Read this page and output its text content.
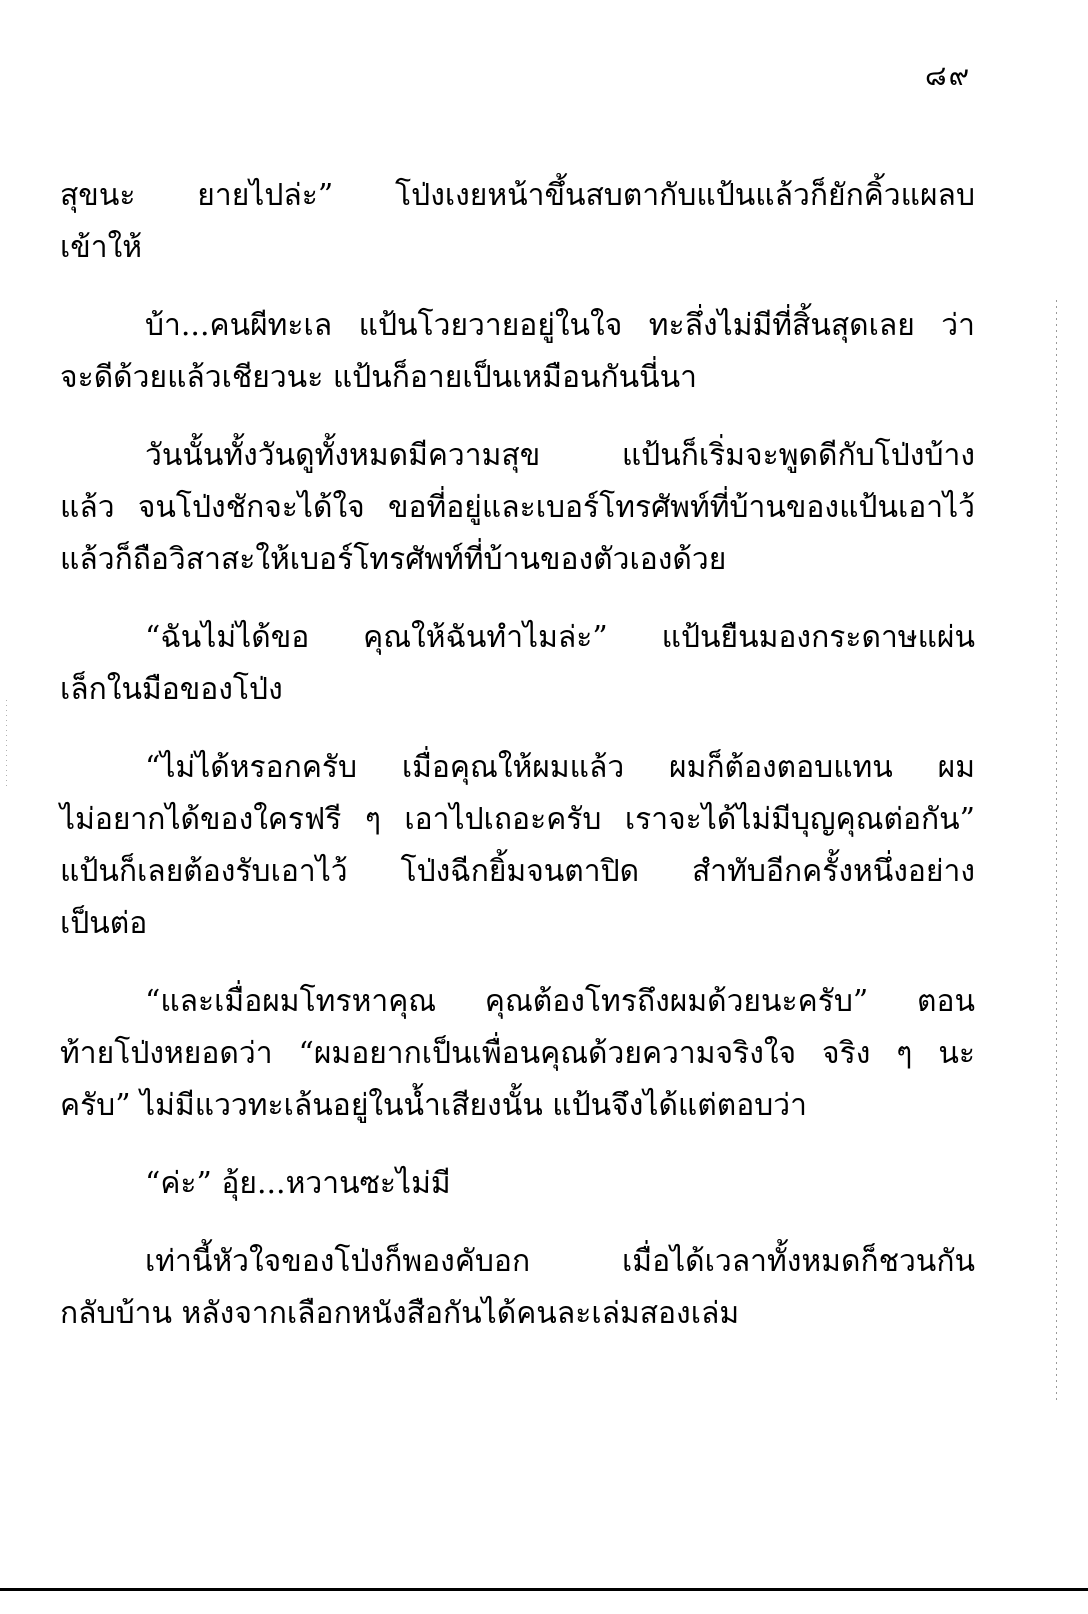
๘๙
สุขนะ ยายไปล่ะ” โป่งเงยหน้าขึ้นสบตากับแป้นแล้วก็ยักคิ้วแผลบ
เข้าให้
บ้า...คนผีทะเล แป้นโวยวายอยู่ในใจ ทะลึ่งไม่มีที่สิ้นสุดเลย ว่า
จะดีด้วยแล้วเชียวนะ แป้นก็อายเป็นเหมือนกันนี่นา
วันนั้นทั้งวันดูทั้งหมดมีความสุข แป้นก็เริ่มจะพูดดีกับโป่งบ้าง
แล้ว จนโป่งชักจะได้ใจ ขอที่อยู่และเบอร์โทรศัพท์ที่บ้านของแป้นเอาไว้
แล้วก็ถือวิสาสะให้เบอร์โทรศัพท์ที่บ้านของตัวเองด้วย
“ฉันไม่ได้ขอ คุณให้ฉันทำไมล่ะ” แป้นยืนมองกระดาษแผ่น
เล็กในมือของโป่ง
“ไม่ได้หรอกครับ เมื่อคุณให้ผมแล้ว ผมก็ต้องตอบแทน ผม
ไม่อยากได้ของใครฟรี ๆ เอาไปเถอะครับ เราจะได้ไม่มีบุญคุณต่อกัน”
แป้นก็เลยต้องรับเอาไว้ โป่งฉีกยิ้มจนตาปิด สำทับอีกครั้งหนึ่งอย่าง
เป็นต่อ
“และเมื่อผมโทรหาคุณ คุณต้องโทรถึงผมด้วยนะครับ” ตอน
ท้ายโป่งหยอดว่า “ผมอยากเป็นเพื่อนคุณด้วยความจริงใจ จริง ๆ นะ
ครับ” ไม่มีแววทะเล้นอยู่ในน้ำเสียงนั้น แป้นจึงได้แต่ตอบว่า
“ค่ะ” อุ้ย...หวานซะไม่มี
เท่านี้หัวใจของโป่งก็พองคับอก เมื่อได้เวลาทั้งหมดก็ชวนกัน
กลับบ้าน หลังจากเลือกหนังสือกันได้คนละเล่มสองเล่ม
